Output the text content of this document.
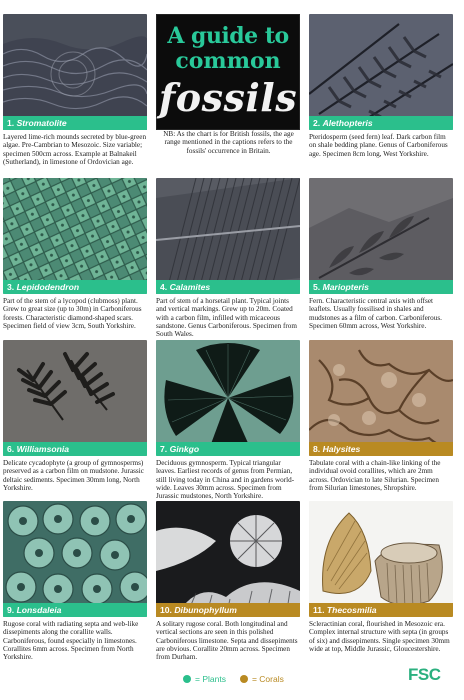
A guide to
common
fossils
NB: As the chart is for British fossils, the age range mentioned in the captions refers to the fossils' occurrence in Britain.
1. Stromatolite
Layered lime-rich mounds secreted by blue-green algae. Pre-Cambrian to Mesozoic. Size variable; specimen 500cm across. Example at Balnakeil (Sutherland), in limestone of Ordovician age.
2. Alethopteris
Pteridosperm (seed fern) leaf. Dark carbon film on shale bedding plane. Genus of Carboniferous age. Specimen 8cm long, West Yorkshire.
3. Lepidodendron
Part of the stem of a lycopod (clubmoss) plant. Grew to great size (up to 30m) in Carboniferous forests. Characteristic diamond-shaped scars. Specimen field of view 3cm, South Yorkshire.
4. Calamites
Part of stem of a horsetail plant. Typical joints and vertical markings. Grew up to 20m. Coated with a carbon film, infilled with micaceous sandstone. Genus Carboniferous. Specimen from South Wales.
5. Mariopteris
Fern. Characteristic central axis with offset leaflets. Usually fossilised in shales and mudstones as a film of carbon. Carboniferous. Specimen 60mm across, West Yorkshire.
6. Williamsonia
Delicate cycadophyte (a group of gymnosperms) preserved as a carbon film on mudstone. Jurassic deltaic sediments. Specimen 30mm long, North Yorkshire.
7. Ginkgo
Deciduous gymnosperm. Typical triangular leaves. Earliest records of genus from Permian, still living today in China and in gardens world-wide. Leaves 30mm across. Specimen from Jurassic mudstones, North Yorkshire.
8. Halysites
Tabulate coral with a chain-like linking of the individual ovoid corallites, which are 2mm across. Ordovician to late Silurian. Specimen from Silurian limestones, Shropshire.
9. Lonsdaleia
Rugose coral with radiating septa and web-like dissepiments along the corallite walls. Carboniferous, found especially in limestones. Corallites 6mm across. Specimen from North Yorkshire.
10. Dibunophyllum
A solitary rugose coral. Both longitudinal and vertical sections are seen in this polished Carboniferous limestone. Septa and dissepiments are obvious. Corallite 20mm across. Specimen from Durham.
11. Thecosmilia
Scleractinian coral, flourished in Mesozoic era. Complex internal structure with septa (in groups of six) and dissepiments. Single specimen 30mm wide at top, Middle Jurassic, Gloucestershire.
= Plants	= Corals	FSC
